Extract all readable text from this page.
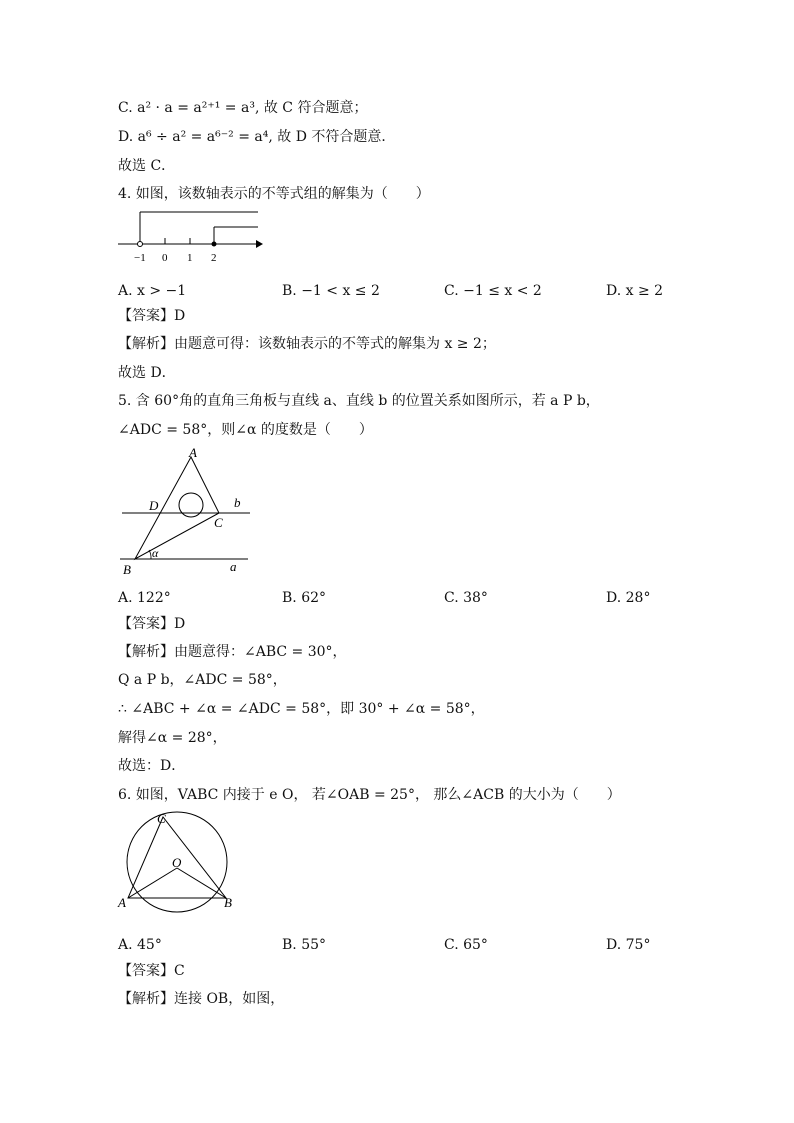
C. a² · a = a²⁺¹ = a³, 故 C 符合题意；
D. a⁶ ÷ a² = a⁶⁻² = a⁴, 故 D 不符合题意．
故选 C．
4. 如图，该数轴表示的不等式组的解集为（　　）
−1 0 1 2
A. x > −1	B. −1 < x ≤ 2	C. −1 ≤ x < 2	D. x ≥ 2
【答案】D
【解析】由题意可得：该数轴表示的不等式的解集为 x ≥ 2；
故选 D．
5. 含 60°角的直角三角板与直线 a、直线 b 的位置关系如图所示，若 a P b，
∠ADC = 58°，则∠α 的度数是（　　）
A
B
C
D	b
a
α
A. 122°	B. 62°	C. 38°	D. 28°
【答案】D
【解析】由题意得：∠ABC = 30°，
Q a P b，∠ADC = 58°，
∴ ∠ABC + ∠α = ∠ADC = 58°，即 30° + ∠α = 58°，
解得∠α = 28°，
故选：D．
6. 如图，VABC 内接于 e O， 若∠OAB = 25°， 那么∠ACB 的大小为（　　）
C
O
A	B
A. 45°	B. 55°	C. 65°	D. 75°
【答案】C
【解析】连接 OB，如图，
